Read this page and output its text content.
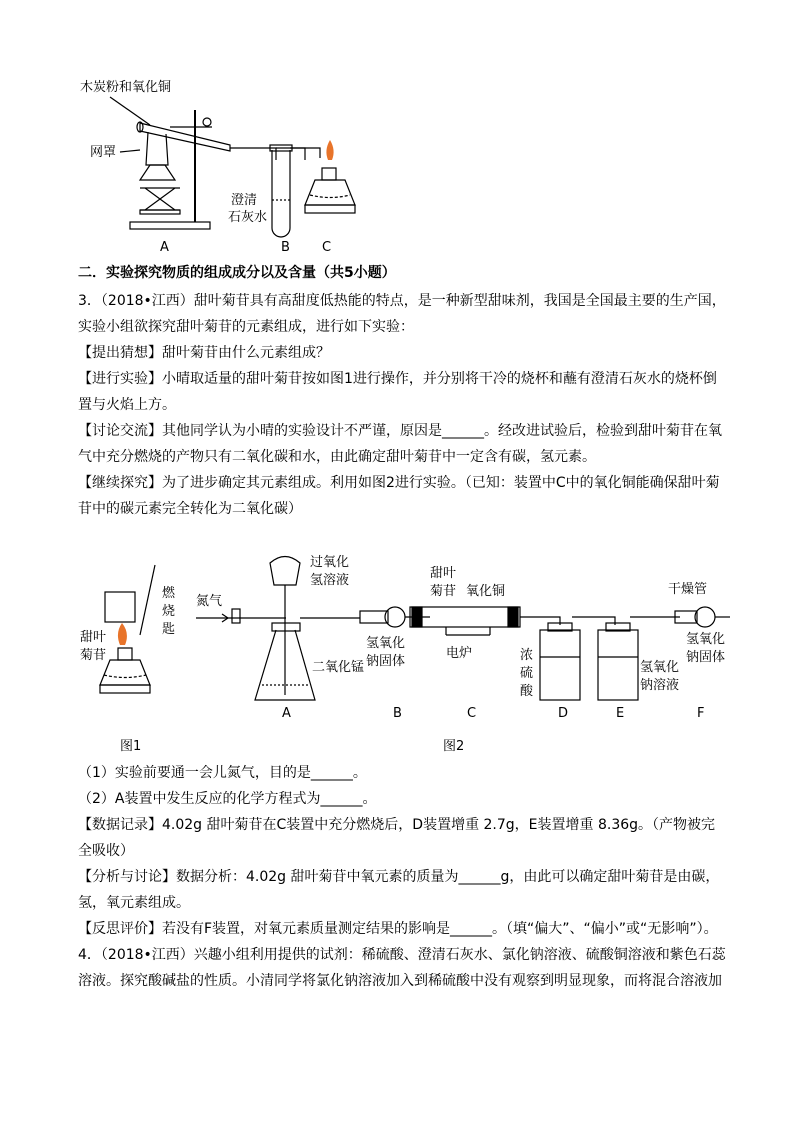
木炭粉和氧化铜
网罩
澄清
石灰水
A	B C
二．实验探究物质的组成成分以及含量（共5小题）

3．（2018•江西）甜叶菊苷具有高甜度低热能的特点，是一种新型甜味剂，我国是全国最主要的生产国，实验小组欲探究甜叶菊苷的元素组成，进行如下实验：

【提出猜想】甜叶菊苷由什么元素组成？

【进行实验】小晴取适量的甜叶菊苷按如图1进行操作，并分别将干冷的烧杯和蘸有澄清石灰水的烧杯倒置与火焰上方。

【讨论交流】其他同学认为小晴的实验设计不严谨，原因是______。经改进试验后，检验到甜叶菊苷在氧气中充分燃烧的产物只有二氧化碳和水，由此确定甜叶菊苷中一定含有碳，氢元素。

【继续探究】为了进步确定其元素组成。利用如图2进行实验。（已知：装置中C中的氧化铜能确保甜叶菊苷中的碳元素完全转化为二氧化碳）

燃
烧
匙
甜叶
菊苷
图1
氮气
过氧化
氢溶液
二氧化锰
氢氧化
钠固体
甜叶
菊苷 氧化铜
电炉	浓
硫
酸
氢氧化
钠溶液
干燥管
氢氧化
钠固体
A	B	C	D	E	F
图2

（1）实验前要通一会儿氮气，目的是______。

（2）A装置中发生反应的化学方程式为______。

【数据记录】4.02g 甜叶菊苷在C装置中充分燃烧后，D装置增重 2.7g，E装置增重 8.36g。（产物被完全吸收）

【分析与讨论】数据分析：4.02g 甜叶菊苷中氧元素的质量为______g，由此可以确定甜叶菊苷是由碳，氢，氧元素组成。

【反思评价】若没有F装置，对氧元素质量测定结果的影响是______。（填“偏大”、“偏小”或“无影响”）。

4．（2018•江西）兴趣小组利用提供的试剂：稀硫酸、澄清石灰水、氯化钠溶液、硫酸铜溶液和紫色石蕊溶液。探究酸碱盐的性质。小清同学将氯化钠溶液加入到稀硫酸中没有观察到明显现象，而将混合溶液加
